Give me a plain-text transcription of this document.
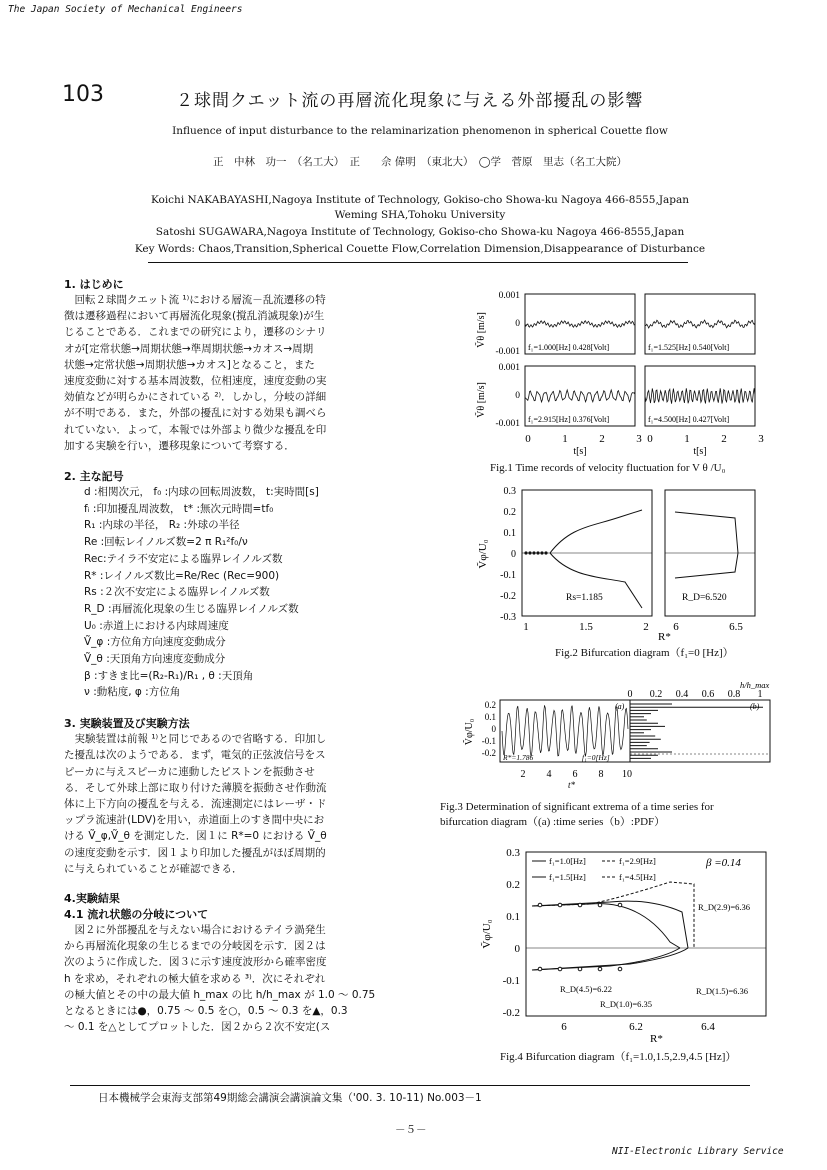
The Japan Society of Mechanical Engineers
103	２球間クエット流の再層流化現象に与える外部擾乱の影響
Influence of input disturbance to the relaminarization phenomenon in spherical Couette flow
正　中林　功一　（名工大）　正　　佘 偉明　（東北大）　◯学　菅原　里志（名工大院）
Koichi NAKABAYASHI,Nagoya Institute of Technology, Gokiso-cho Showa-ku Nagoya 466-8555,Japan
Weming SHA,Tohoku University
Satoshi SUGAWARA,Nagoya Institute of Technology, Gokiso-cho Showa-ku Nagoya 466-8555,Japan
Key Words: Chaos,Transition,Spherical Couette Flow,Correlation Dimension,Disappearance of Disturbance
1. はじめに
　回転２球間クエット流 ¹⁾における層流－乱流遷移の特
徴は遷移過程において再層流化現象(撹乱消滅現象)が生
じることである．これまでの研究により，遷移のシナリ
オが[定常状態→周期状態→準周期状態→カオス→周期
状態→定常状態→周期状態→カオス]となること，また
速度変動に対する基本周波数，位相速度，速度変動の実
効値などが明らかにされている ²⁾．しかし，分岐の詳細
が不明である．また，外部の擾乱に対する効果も調べら
れていない．よって，本報では外部より微少な擾乱を印
加する実験を行い，遷移現象について考察する．
2. 主な記号
d :相関次元， f₀ :内球の回転周波数， t:実時間[s]
fᵢ :印加擾乱周波数， t* :無次元時間=tf₀
R₁ :内球の半径， R₂ :外球の半径
Re :回転レイノルズ数=2 π R₁²f₀/ν
Rec:テイラ不安定による臨界レイノルズ数
R* :レイノルズ数比=Re/Rec (Rec=900)
Rs :２次不安定による臨界レイノルズ数
R_D :再層流化現象の生じる臨界レイノルズ数
U₀ :赤道上における内球周速度
Ṽ_φ :方位角方向速度変動成分
Ṽ_θ :天頂角方向速度変動成分
β :すきま比=(R₂-R₁)/R₁ , θ :天頂角
ν :動粘度, φ :方位角
3. 実験装置及び実験方法
　実験装置は前報 ¹⁾と同じであるので省略する．印加し
た擾乱は次のようである．まず，電気的正弦波信号をス
ピーカに与えスピーカに連動したピストンを振動させ
る．そして外球上部に取り付けた薄膜を振動させ作動流
体に上下方向の擾乱を与える．流速測定にはレーザ・ド
ップラ流速計(LDV)を用い，赤道面上のすき間中央にお
ける Ṽ_φ,Ṽ_θ を測定した．図１に R*=0 における Ṽ_θ
の速度変動を示す．図１より印加した擾乱がほぼ周期的
に与えられていることが確認できる．
4.実験結果
4.1 流れ状態の分岐について
　図２に外部擾乱を与えない場合におけるテイラ渦発生
から再層流化現象の生じるまでの分岐図を示す．図２は
次のように作成した．図３に示す速度波形から確率密度
h を求め，それぞれの極大値を求める ³⁾．次にそれぞれ
の極大値とその中の最大値 h_max の比 h/h_max が 1.0 ～ 0.75
となるときには●，0.75 ～ 0.5 を○，0.5 ～ 0.3 を▲，0.3
～ 0.1 を△としてプロットした．図２から２次不安定(ス
f₁=1.000[Hz] 0.428[Volt]	f₁=1.525[Hz] 0.540[Volt]
f₁=2.915[Hz] 0.376[Volt]	f₁=4.500[Hz] 0.427[Volt]
0.001
0
-0.001
0.001
0
-0.001
0	1	2	3 0	1	2	3
t[s]	t[s]
Ṽθ [m/s]
Ṽθ [m/s]
Fig.1 Time records of velocity fluctuation for V θ /U₀
0.3
0.2
0.1
0
-0.1
-0.2
-0.3
1	1.5	2 6	6.5
R*
Ṽφ/U₀
Rs=1.185	R_D=6.520
Fig.2 Bifurcation diagram（f₁=0 [Hz]）
h/h_max
0 0.2 0.4 0.6 0.8 1
0.2
0.1
0
-0.1
-0.2
2 4 6 8 10
t*
Ṽφ/U₀
(a)	(b)
R*=1.786	f₁=0[Hz]
Fig.3 Determination of significant extrema of a time series for
bifurcation diagram（(a) :time series（b）:PDF）
0.3
0.2
0.1
0
-0.1
-0.2
6	6.2	6.4
R*
Ṽφ/U₀
f₁=1.0[Hz]	f₁=2.9[Hz]
f₁=1.5[Hz]	f₁=4.5[Hz]
β =0.14
R_D(2.9)=6.36
R_D(4.5)=6.22
R_D(1.0)=6.35
R_D(1.5)=6.36
Fig.4 Bifurcation diagram（f₁=1.0,1.5,2.9,4.5 [Hz]）
日本機械学会東海支部第49期総会講演会講演論文集（'00. 3. 10-11) No.003－1
－５－
NII-Electronic Library Service
